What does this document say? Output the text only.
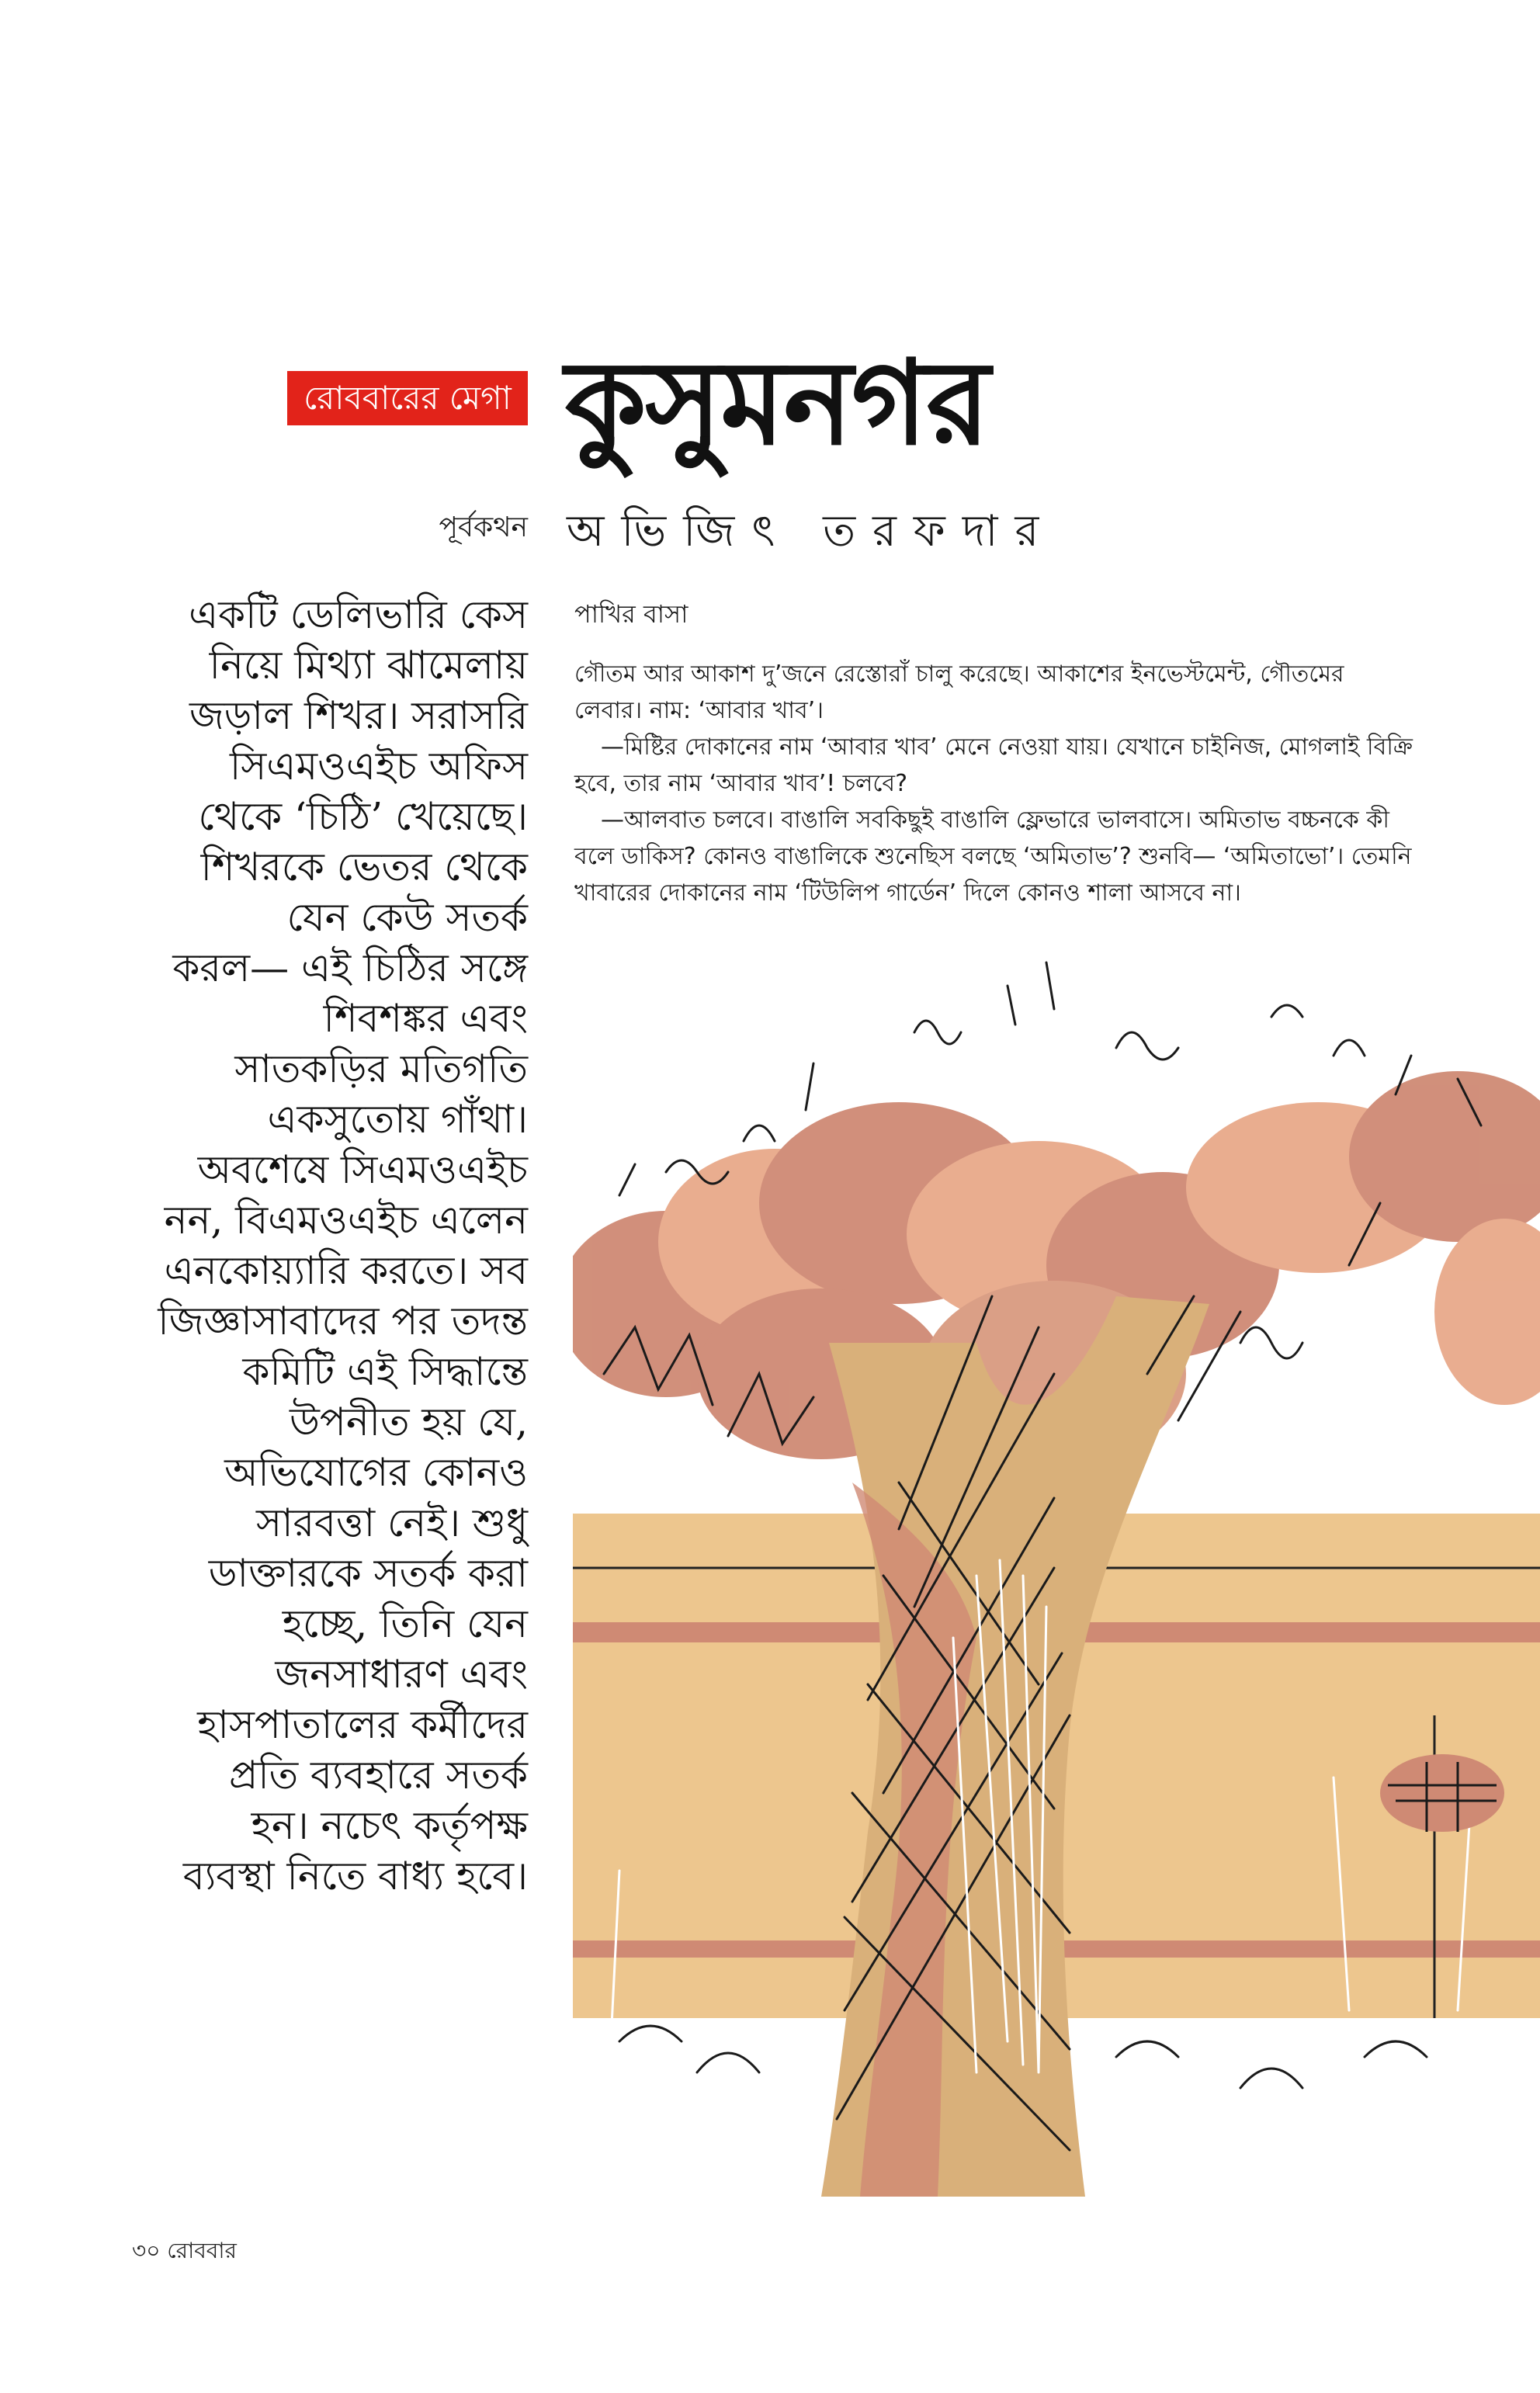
রোববারের মেগা কুসুমনগর
পূর্বকথন অভিজিৎ তরফদার
একটি ডেলিভারি কেস
নিয়ে মিথ্যা ঝামেলায়
জড়াল শিখর। সরাসরি
সিএমওএইচ অফিস
থেকে ‘চিঠি’ খেয়েছে।
শিখরকে ভেতর থেকে
যেন কেউ সতর্ক
করল— এই চিঠির সঙ্গে
শিবশঙ্কর এবং
সাতকড়ির মতিগতি
একসুতোয় গাঁথা।
অবশেষে সিএমওএইচ
নন, বিএমওএইচ এলেন
এনকোয়্যারি করতে। সব
জিজ্ঞাসাবাদের পর তদন্ত
কমিটি এই সিদ্ধান্তে
উপনীত হয় যে,
অভিযোগের কোনও
সারবত্তা নেই। শুধু
ডাক্তারকে সতর্ক করা
হচ্ছে, তিনি যেন
জনসাধারণ এবং
হাসপাতালের কর্মীদের
প্রতি ব্যবহারে সতর্ক
হন। নচেৎ কর্তৃপক্ষ
ব্যবস্থা নিতে বাধ্য হবে।
পাখির বাসা

গৌতম আর আকাশ দু’জনে রেস্তোরাঁ চালু করেছে। আকাশের ইনভেস্টমেন্ট, গৌতমের লেবার। নাম: ‘আবার খাব’।

—মিষ্টির দোকানের নাম ‘আবার খাব’ মেনে নেওয়া যায়। যেখানে চাইনিজ, মোগলাই বিক্রি হবে, তার নাম ‘আবার খাব’! চলবে?

—আলবাত চলবে। বাঙালি সবকিছুই বাঙালি ফ্লেভারে ভালবাসে। অমিতাভ বচ্চনকে কী বলে ডাকিস? কোনও বাঙালিকে শুনেছিস বলছে ‘অমিতাভ’? শুনবি— ‘অমিতাভো’। তেমনি খাবারের দোকানের নাম ‘টিউলিপ গার্ডেন’ দিলে কোনও শালা আসবে না।

৩০ রোববার
